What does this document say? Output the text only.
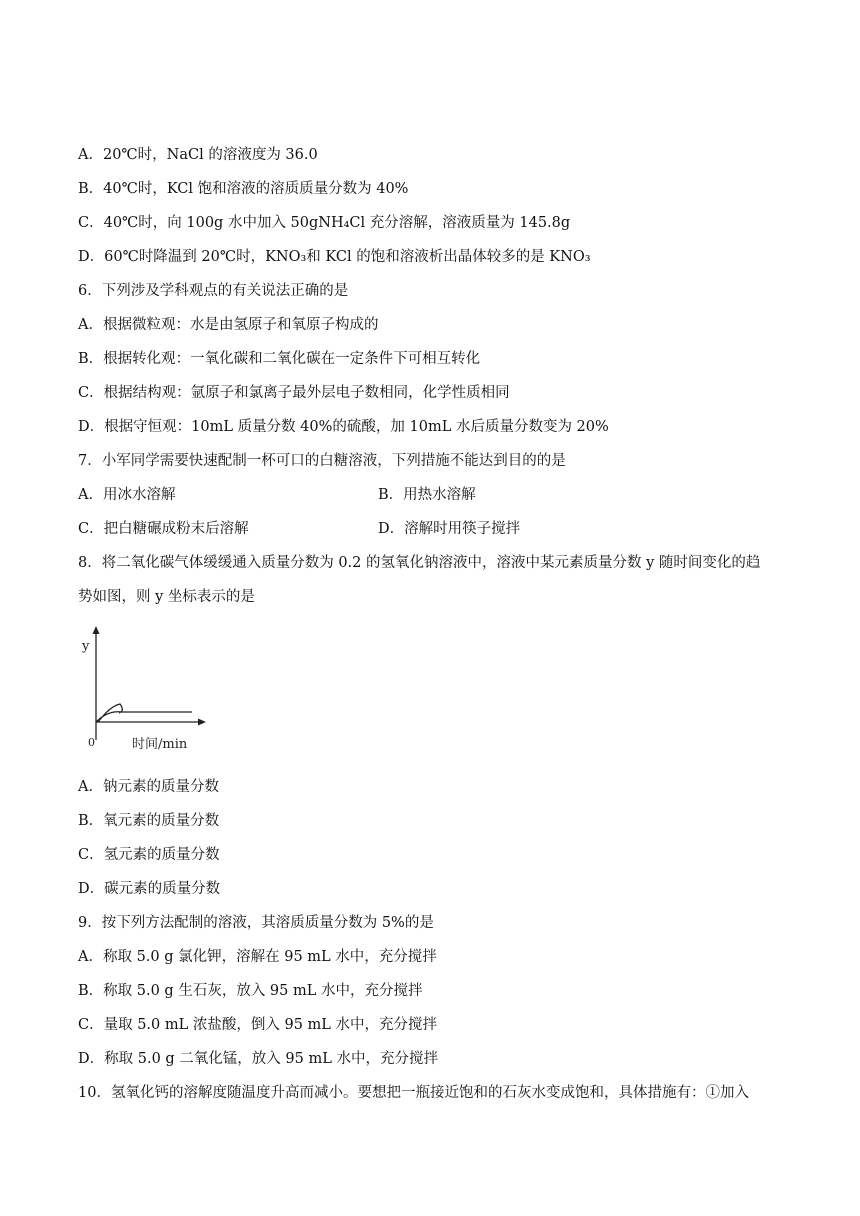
A．20℃时，NaCl 的溶液度为 36.0
B．40℃时，KCl 饱和溶液的溶质质量分数为 40%
C．40℃时，向 100g 水中加入 50gNH₄Cl 充分溶解，溶液质量为 145.8g
D．60℃时降温到 20℃时，KNO₃和 KCl 的饱和溶液析出晶体较多的是 KNO₃
6．下列涉及学科观点的有关说法正确的是
A．根据微粒观：水是由氢原子和氧原子构成的
B．根据转化观：一氧化碳和二氧化碳在一定条件下可相互转化
C．根据结构观：氩原子和氯离子最外层电子数相同，化学性质相同
D．根据守恒观：10mL 质量分数 40%的硫酸，加 10mL 水后质量分数变为 20%
7．小军同学需要快速配制一杯可口的白糖溶液，下列措施不能达到目的的是
A．用冰水溶解	B．用热水溶解
C．把白糖碾成粉末后溶解	D．溶解时用筷子搅拌
8．将二氧化碳气体缓缓通入质量分数为 0.2 的氢氧化钠溶液中，溶液中某元素质量分数 y 随时间变化的趋
势如图，则 y 坐标表示的是
y
0	时间/min
A．钠元素的质量分数
B．氧元素的质量分数
C．氢元素的质量分数
D．碳元素的质量分数
9．按下列方法配制的溶液，其溶质质量分数为 5%的是
A．称取 5.0 g 氯化钾，溶解在 95 mL 水中，充分搅拌
B．称取 5.0 g 生石灰，放入 95 mL 水中，充分搅拌
C．量取 5.0 mL 浓盐酸，倒入 95 mL 水中，充分搅拌
D．称取 5.0 g 二氧化锰，放入 95 mL 水中，充分搅拌
10．氢氧化钙的溶解度随温度升高而减小。要想把一瓶接近饱和的石灰水变成饱和，具体措施有：①加入
